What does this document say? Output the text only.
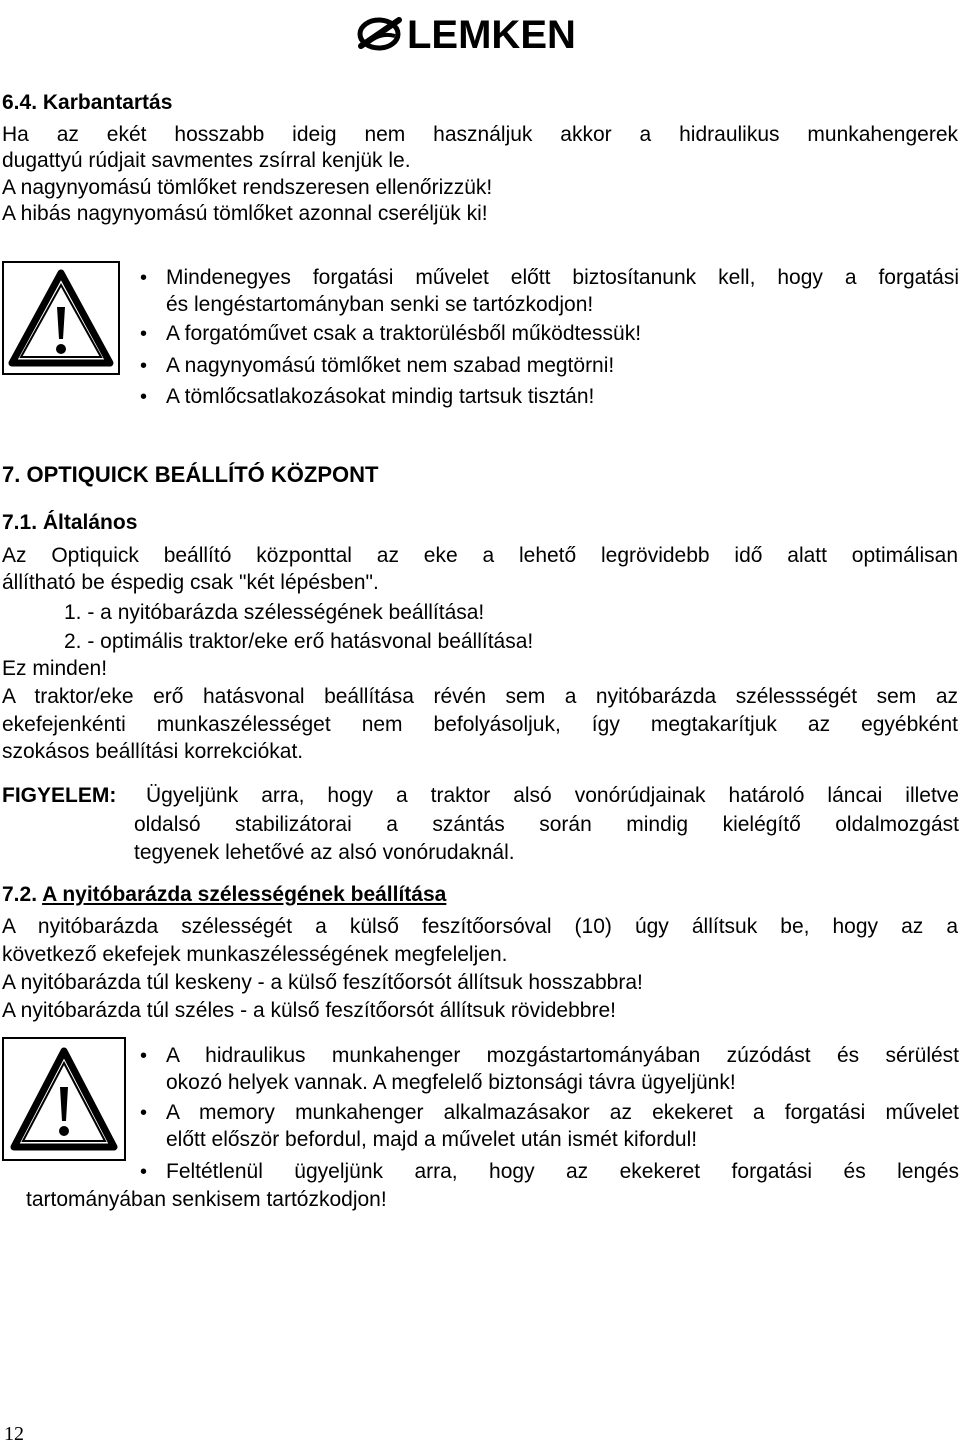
LEMKEN
6.4. Karbantartás
Ha az ekét hosszabb ideig nem használjuk akkor a hidraulikus munkahengerek
dugattyú rúdjait savmentes zsírral kenjük le.
A nagynyomású tömlőket rendszeresen ellenőrizzük!
A hibás nagynyomású tömlőket azonnal cseréljük ki!
• Mindenegyes forgatási művelet előtt biztosítanunk kell, hogy a forgatási
és lengéstartományban senki se tartózkodjon!
• A forgatóművet csak a traktorülésből működtessük!
• A nagynyomású tömlőket nem szabad megtörni!
• A tömlőcsatlakozásokat mindig tartsuk tisztán!
7. OPTIQUICK BEÁLLÍTÓ KÖZPONT
7.1. Általános
Az Optiquick beállító központtal az eke a lehető legrövidebb idő alatt optimálisan
állítható be éspedig csak "két lépésben".
1. - a nyitóbarázda szélességének beállítása!
2. - optimális traktor/eke erő hatásvonal beállítása!
Ez minden!
A traktor/eke erő hatásvonal beállítása révén sem a nyitóbarázda szélessségét sem az
ekefejenkénti munkaszélességet nem befolyásoljuk, így megtakarítjuk az egyébként
szokásos beállítási korrekciókat.
FIGYELEM: Ügyeljünk arra, hogy a traktor alsó vonórúdjainak határoló láncai illetve
oldalsó stabilizátorai a szántás során mindig kielégítő oldalmozgást
tegyenek lehetővé az alsó vonórudaknál.
7.2. A nyitóbarázda szélességének beállítása
A nyitóbarázda szélességét a külső feszítőorsóval (10) úgy állítsuk be, hogy az a
következő ekefejek munkaszélességének megfeleljen.
A nyitóbarázda túl keskeny - a külső feszítőorsót állítsuk hosszabbra!
A nyitóbarázda túl széles - a külső feszítőorsót állítsuk rövidebbre!
• A hidraulikus munkahenger mozgástartományában zúzódást és sérülést
okozó helyek vannak. A megfelelő biztonsági távra ügyeljünk!
• A memory munkahenger alkalmazásakor az ekekeret a forgatási művelet
előtt először befordul, majd a művelet után ismét kifordul!
• Feltétlenül ügyeljünk arra, hogy az ekekeret forgatási és lengés
tartományában senkisem tartózkodjon!
12
